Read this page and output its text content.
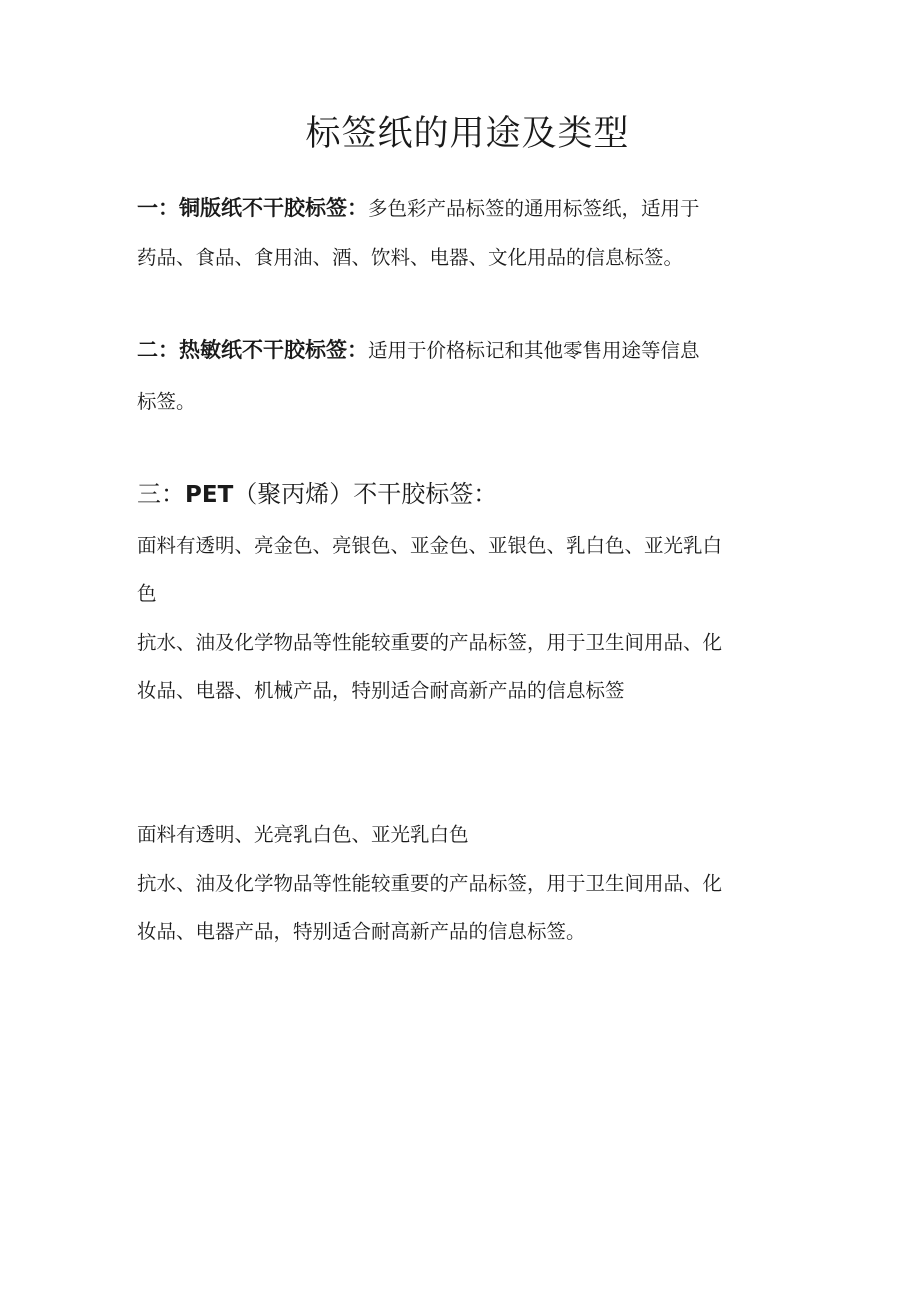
标签纸的用途及类型
一：铜版纸不干胶标签：多色彩产品标签的通用标签纸，适用于
药品、食品、食用油、酒、饮料、电器、文化用品的信息标签。
二：热敏纸不干胶标签：适用于价格标记和其他零售用途等信息
标签。
三：PET（聚丙烯）不干胶标签：
面料有透明、亮金色、亮银色、亚金色、亚银色、乳白色、亚光乳白
色
抗水、油及化学物品等性能较重要的产品标签，用于卫生间用品、化
妆品、电器、机械产品，特别适合耐高新产品的信息标签
面料有透明、光亮乳白色、亚光乳白色
抗水、油及化学物品等性能较重要的产品标签，用于卫生间用品、化
妆品、电器产品，特别适合耐高新产品的信息标签。
